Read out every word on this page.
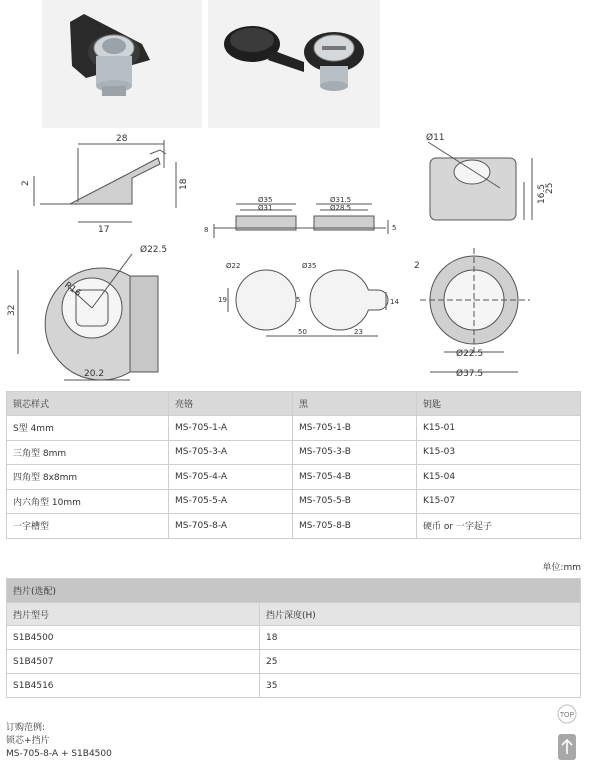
28
2	18
17
Ø22.5
R16
32
20.2
Ø35
Ø31
Ø31.5
Ø28.5
8	5
Ø22	Ø35
19	5	14
50	23
Ø11
16.5
25
2
Ø22.5
Ø37.5
锁芯样式	亮铬	黑	钥匙
S型 4mm	MS-705-1-A	MS-705-1-B	K15-01
三角型 8mm	MS-705-3-A	MS-705-3-B	K15-03
四角型 8x8mm	MS-705-4-A	MS-705-4-B	K15-04
内六角型 10mm	MS-705-5-A	MS-705-5-B	K15-07
一字槽型	MS-705-8-A	MS-705-8-B	硬币 or 一字起子
单位:mm
挡片(选配)	
挡片型号	挡片深度(H)
S1B4500	18
S1B4507	25
S1B4516	35
订购范例:
锁芯+挡片
MS-705-8-A + S1B4500
TOP
